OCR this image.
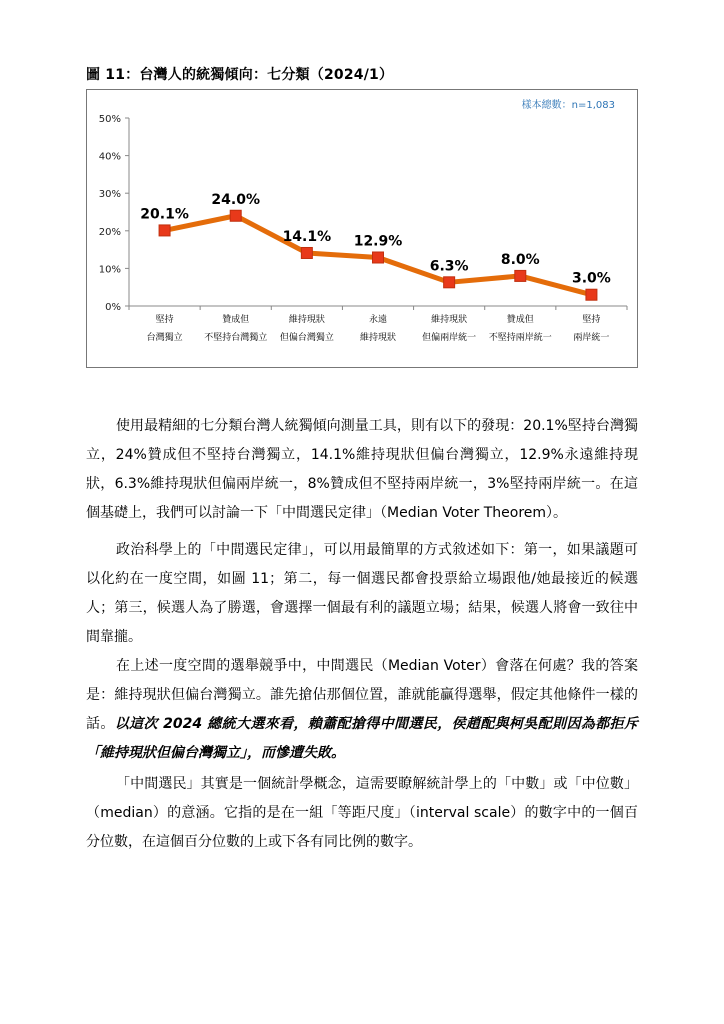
圖 11：台灣人的統獨傾向：七分類（2024/1）
樣本總數：n=1,083
0%
10%
20%
30%
40%
50%
堅持
台灣獨立
贊成但
不堅持台灣獨立
維持現狀
但偏台灣獨立
永遠
維持現狀
維持現狀
但偏兩岸統一
贊成但
不堅持兩岸統一
堅持
兩岸統一
20.1%
24.0%
14.1% 12.9%
6.3% 8.0%
3.0%

使用最精細的七分類台灣人統獨傾向測量工具，則有以下的發現：20.1%堅持台灣獨立，24%贊成但不堅持台灣獨立，14.1%維持現狀但偏台灣獨立，12.9%永遠維持現狀，6.3%維持現狀但偏兩岸統一，8%贊成但不堅持兩岸統一，3%堅持兩岸統一。在這個基礎上，我們可以討論一下「中間選民定律」（Median Voter Theorem）。

政治科學上的「中間選民定律」，可以用最簡單的方式敘述如下：第一，如果議題可以化約在一度空間，如圖 11；第二，每一個選民都會投票給立場跟他/她最接近的候選人；第三，候選人為了勝選，會選擇一個最有利的議題立場；結果，候選人將會一致往中間靠攏。

在上述一度空間的選舉競爭中，中間選民（Median Voter）會落在何處？我的答案是：維持現狀但偏台灣獨立。誰先搶佔那個位置，誰就能贏得選舉，假定其他條件一樣的話。以這次 2024 總統大選來看，賴蕭配搶得中間選民，侯趙配與柯吳配則因為都拒斥「維持現狀但偏台灣獨立」，而慘遭失敗。

「中間選民」其實是一個統計學概念，這需要瞭解統計學上的「中數」或「中位數」（median）的意涵。它指的是在一組「等距尺度」（interval scale）的數字中的一個百分位數，在這個百分位數的上或下各有同比例的數字。
